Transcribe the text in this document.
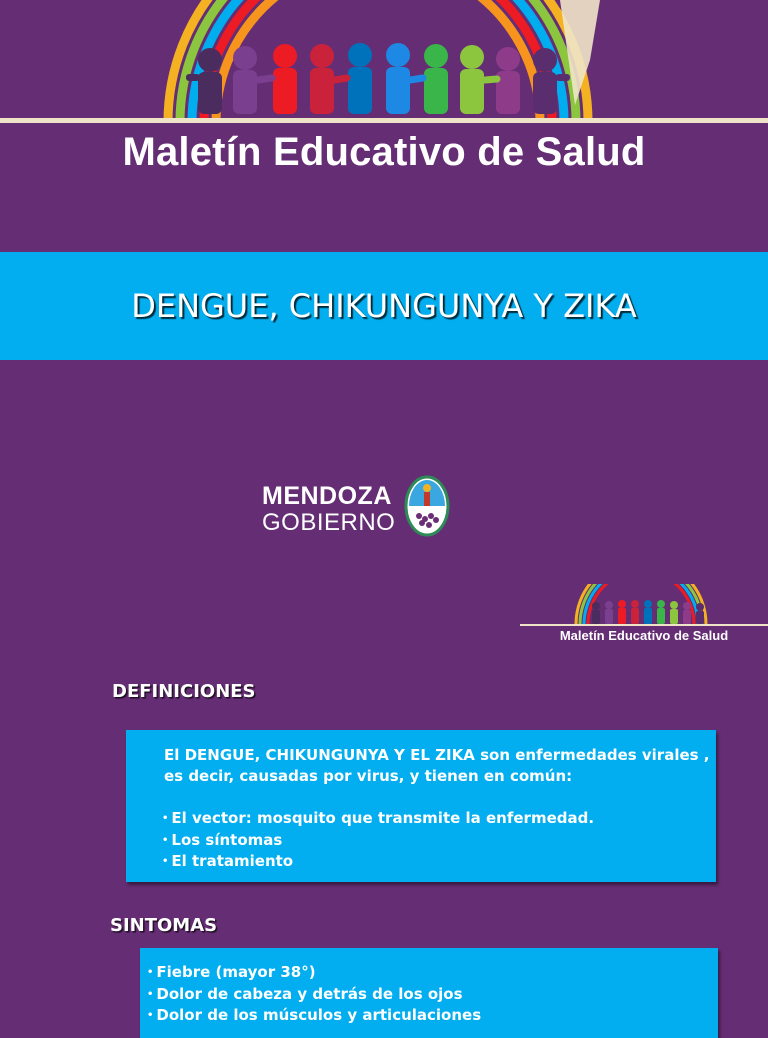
Maletín Educativo de Salud
DENGUE, CHIKUNGUNYA Y ZIKA
MENDOZA
GOBIERNO
Maletín Educativo de Salud
DEFINICIONES
El DENGUE, CHIKUNGUNYA Y EL ZIKA son enfermedades virales , es decir, causadas por virus, y tienen en común:
• El vector: mosquito que transmite la enfermedad.
• Los síntomas
• El tratamiento
SINTOMAS
• Fiebre (mayor 38°)
• Dolor de cabeza y detrás de los ojos
• Dolor de los músculos y articulaciones
